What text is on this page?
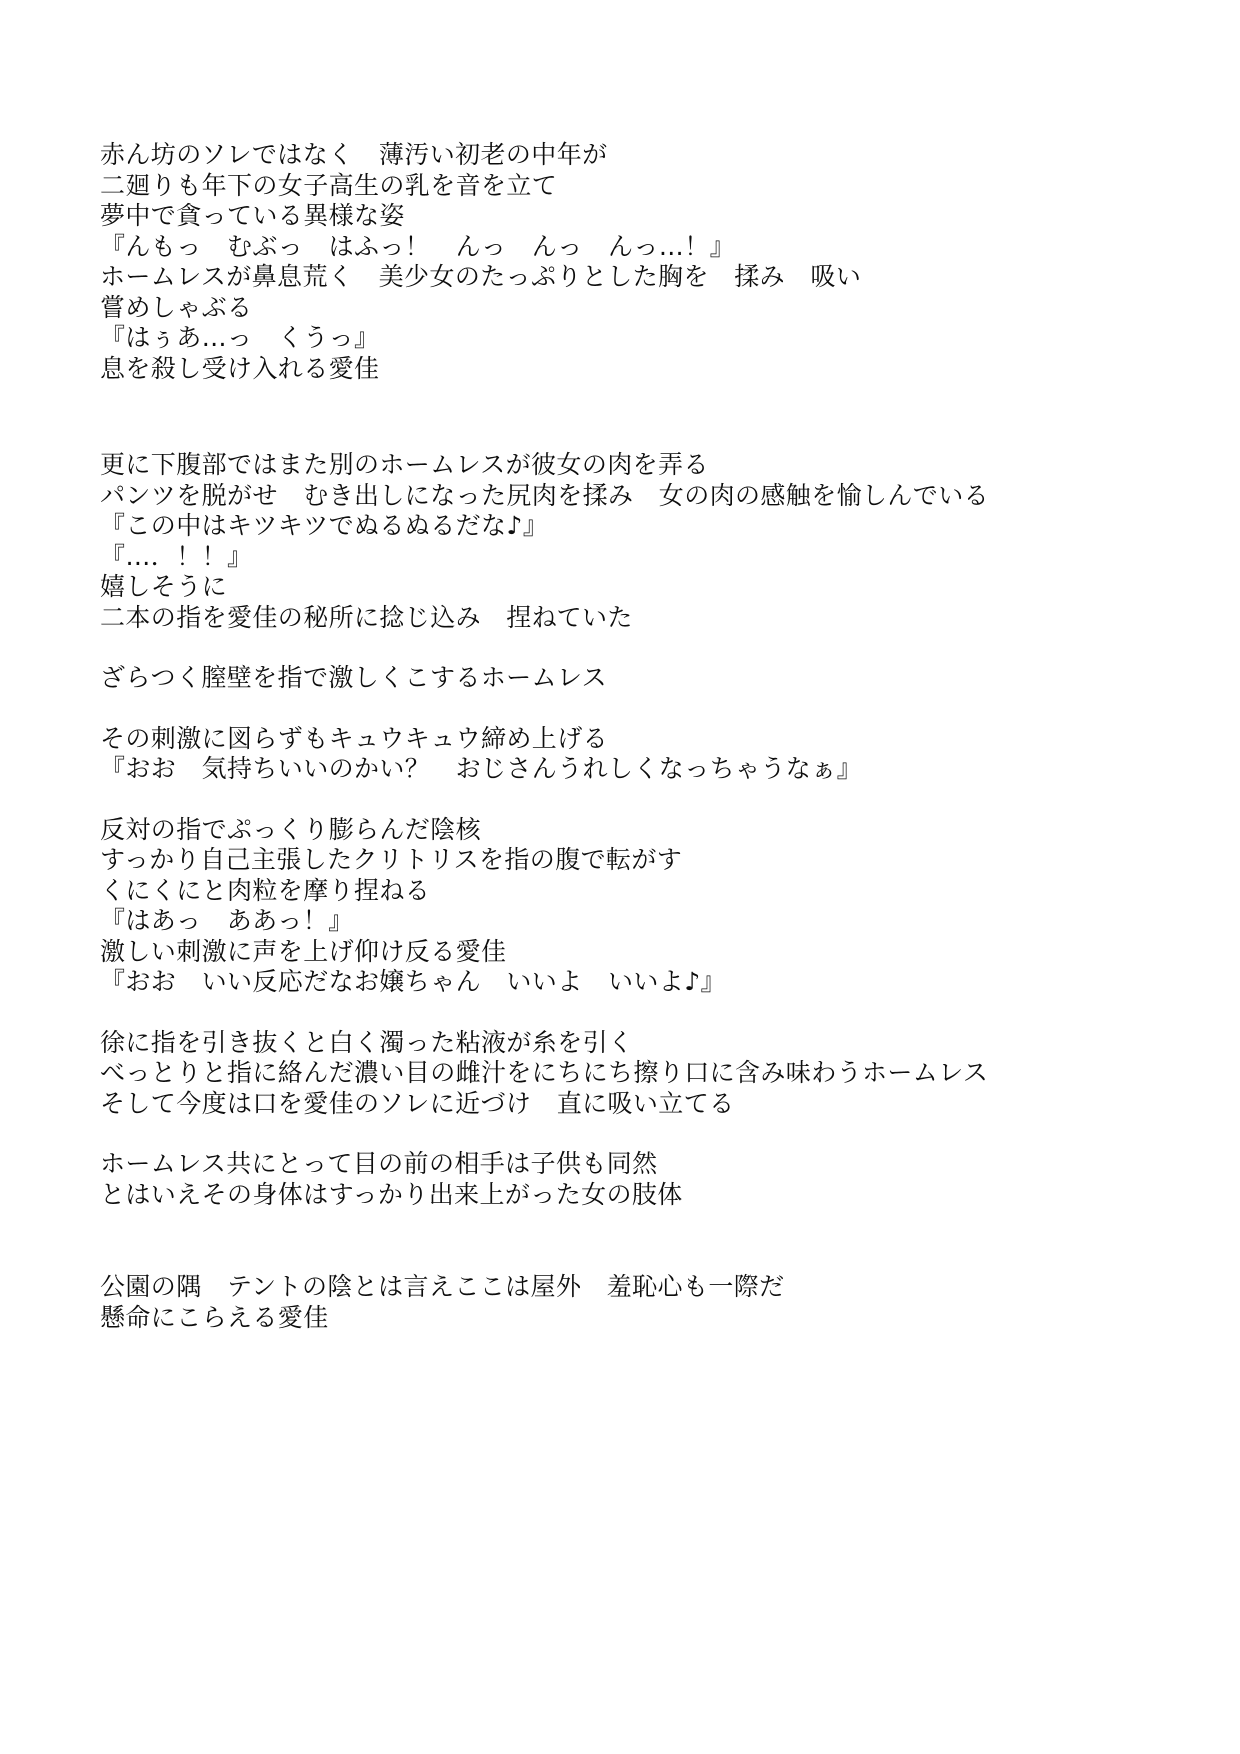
赤ん坊のソレではなく　薄汚い初老の中年が
二廻りも年下の女子高生の乳を音を立て
夢中で貪っている異様な姿
『んもっ　むぶっ　はふっ！　んっ　んっ　んっ…！』
ホームレスが鼻息荒く　美少女のたっぷりとした胸を　揉み　吸い
嘗めしゃぶる
『はぅあ…っ　くうっ』
息を殺し受け入れる愛佳
更に下腹部ではまた別のホームレスが彼女の肉を弄る
パンツを脱がせ　むき出しになった尻肉を揉み　女の肉の感触を愉しんでいる
『この中はキツキツでぬるぬるだな♪』
『…．！！』
嬉しそうに
二本の指を愛佳の秘所に捻じ込み　捏ねていた
ざらつく膣壁を指で激しくこするホームレス
その刺激に図らずもキュウキュウ締め上げる
『おお　気持ちいいのかい？　おじさんうれしくなっちゃうなぁ』
反対の指でぷっくり膨らんだ陰核
すっかり自己主張したクリトリスを指の腹で転がす
くにくにと肉粒を摩り捏ねる
『はあっ　ああっ！』
激しい刺激に声を上げ仰け反る愛佳
『おお　いい反応だなお嬢ちゃん　いいよ　いいよ♪』
徐に指を引き抜くと白く濁った粘液が糸を引く
べっとりと指に絡んだ濃い目の雌汁をにちにち擦り口に含み味わうホームレス
そして今度は口を愛佳のソレに近づけ　直に吸い立てる
ホームレス共にとって目の前の相手は子供も同然
とはいえその身体はすっかり出来上がった女の肢体
公園の隅　テントの陰とは言えここは屋外　羞恥心も一際だ
懸命にこらえる愛佳
